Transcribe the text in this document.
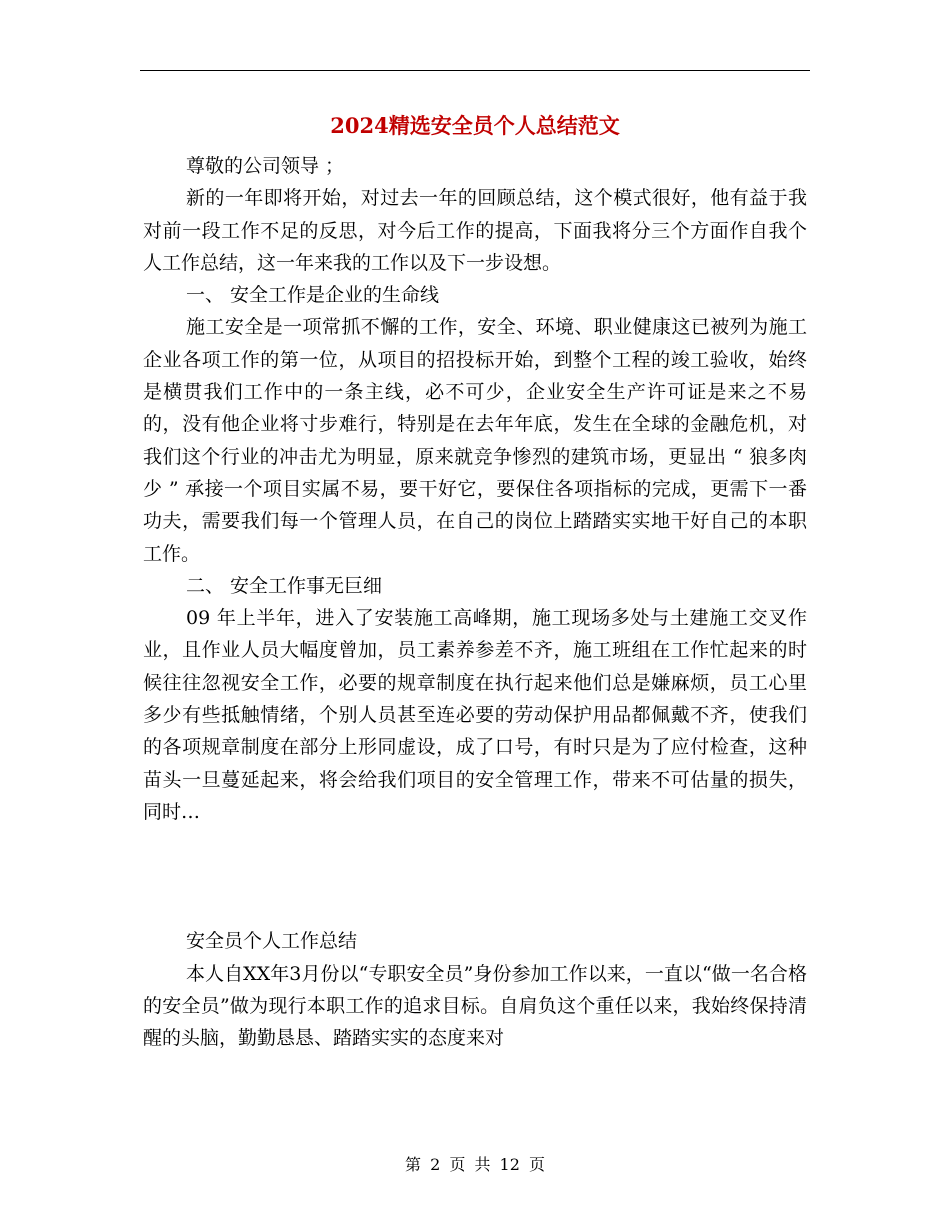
2024精选安全员个人总结范文

尊敬的公司领导 ；

新的一年即将开始，对过去一年的回顾总结，这个模式很好，他有益于我对前一段工作不足的反思，对今后工作的提高，下面我将分三个方面作自我个人工作总结，这一年来我的工作以及下一步设想。

一、 安全工作是企业的生命线

施工安全是一项常抓不懈的工作，安全、环境、职业健康这已被列为施工企业各项工作的第一位，从项目的招投标开始，到整个工程的竣工验收，始终是横贯我们工作中的一条主线，必不可少，企业安全生产许可证是来之不易的，没有他企业将寸步难行，特别是在去年年底，发生在全球的金融危机，对我们这个行业的冲击尤为明显，原来就竞争惨烈的建筑市场，更显出 “ 狼多肉少 ” 承接一个项目实属不易，要干好它，要保住各项指标的完成，更需下一番功夫，需要我们每一个管理人员，在自己的岗位上踏踏实实地干好自己的本职工作。

二、 安全工作事无巨细

09 年上半年，进入了安装施工高峰期，施工现场多处与土建施工交叉作业，且作业人员大幅度曾加，员工素养参差不齐，施工班组在工作忙起来的时候往往忽视安全工作，必要的规章制度在执行起来他们总是嫌麻烦，员工心里多少有些抵触情绪，个别人员甚至连必要的劳动保护用品都佩戴不齐，使我们的各项规章制度在部分上形同虚设，成了口号，有时只是为了应付检查，这种苗头一旦蔓延起来，将会给我们项目的安全管理工作，带来不可估量的损失，同时…

安全员个人工作总结

本人自XX年3月份以“专职安全员”身份参加工作以来，一直以“做一名合格的安全员”做为现行本职工作的追求目标。自肩负这个重任以来，我始终保持清醒的头脑，勤勤恳恳、踏踏实实的态度来对

第 2 页 共 12 页
